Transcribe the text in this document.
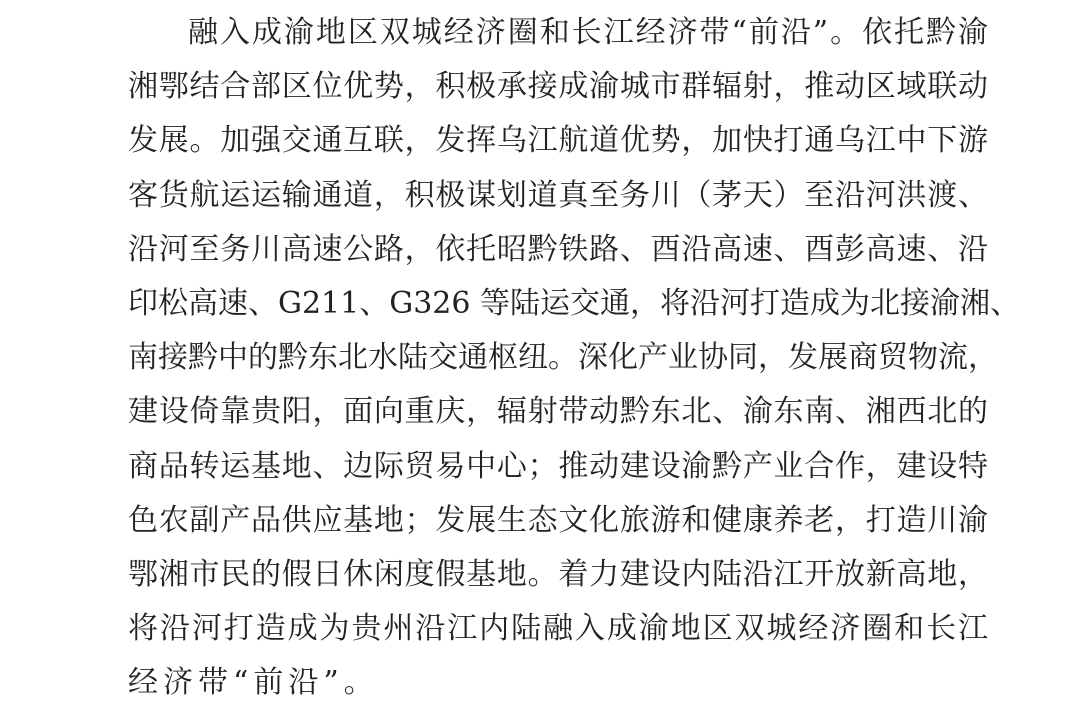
融入成渝地区双城经济圈和长江经济带“前沿”。依托黔渝
湘鄂结合部区位优势，积极承接成渝城市群辐射，推动区域联动
发展。加强交通互联，发挥乌江航道优势，加快打通乌江中下游
客货航运运输通道，积极谋划道真至务川（茅天）至沿河洪渡、
沿河至务川高速公路，依托昭黔铁路、酉沿高速、酉彭高速、沿
印松高速、G211、G326 等陆运交通，将沿河打造成为北接渝湘、
南接黔中的黔东北水陆交通枢纽。深化产业协同，发展商贸物流，
建设倚靠贵阳，面向重庆，辐射带动黔东北、渝东南、湘西北的
商品转运基地、边际贸易中心；推动建设渝黔产业合作，建设特
色农副产品供应基地；发展生态文化旅游和健康养老，打造川渝
鄂湘市民的假日休闲度假基地。着力建设内陆沿江开放新高地，
将沿河打造成为贵州沿江内陆融入成渝地区双城经济圈和长江
经济带“前沿”。
